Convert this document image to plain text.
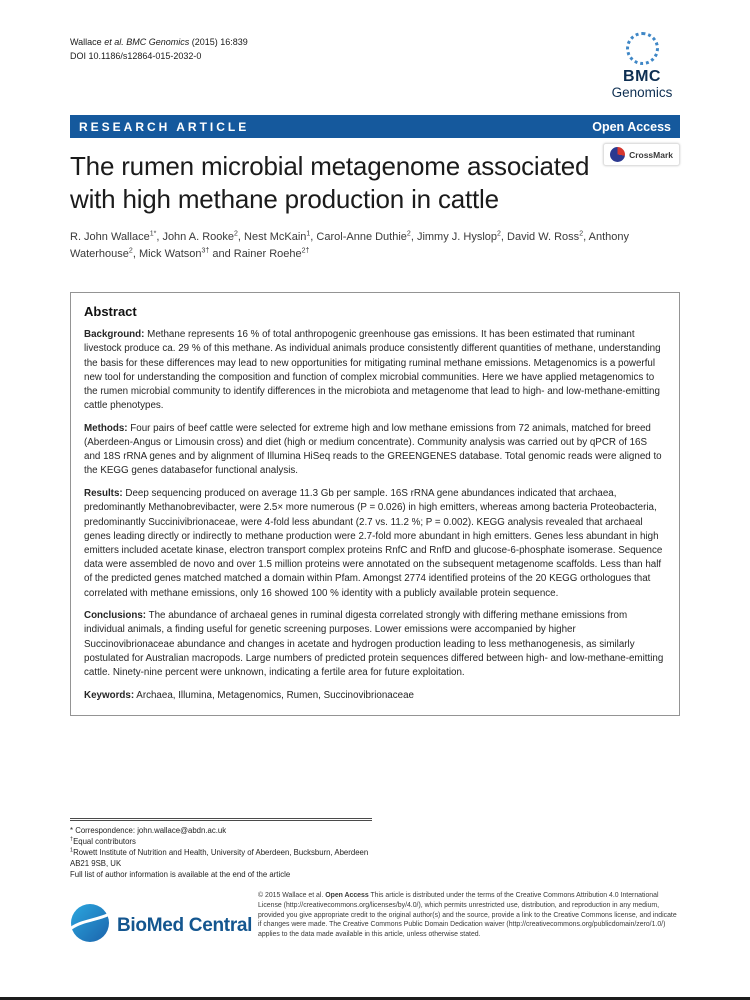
Wallace et al. BMC Genomics (2015) 16:839
DOI 10.1186/s12864-015-2032-0
BMC
Genomics
RESEARCH ARTICLE	Open Access
The rumen microbial metagenome associated with high methane production in cattle
CrossMark

R. John Wallace$^{1*}$, John A. Rooke$^2$, Nest McKain$^1$, Carol-Anne Duthie$^2$, Jimmy J. Hyslop$^2$, David W. Ross$^2$, Anthony Waterhouse$^2$, Mick Watson$^{3\dagger}$ and Rainer Roehe$^{2\dagger}$

Abstract

Background: Methane represents 16 % of total anthropogenic greenhouse gas emissions. It has been estimated that ruminant livestock produce ca. 29 % of this methane. As individual animals produce consistently different quantities of methane, understanding the basis for these differences may lead to new opportunities for mitigating ruminal methane emissions. Metagenomics is a powerful new tool for understanding the composition and function of complex microbial communities. Here we have applied metagenomics to the rumen microbial community to identify differences in the microbiota and metagenome that lead to high- and low-methane-emitting cattle phenotypes.

Methods: Four pairs of beef cattle were selected for extreme high and low methane emissions from 72 animals, matched for breed (Aberdeen-Angus or Limousin cross) and diet (high or medium concentrate). Community analysis was carried out by qPCR of 16S and 18S rRNA genes and by alignment of Illumina HiSeq reads to the GREENGENES database. Total genomic reads were aligned to the KEGG genes databasefor functional analysis.

Results: Deep sequencing produced on average 11.3 Gb per sample. 16S rRNA gene abundances indicated that archaea, predominantly Methanobrevibacter, were 2.5× more numerous (P = 0.026) in high emitters, whereas among bacteria Proteobacteria, predominantly Succinivibrionaceae, were 4-fold less abundant (2.7 vs. 11.2 %; P = 0.002). KEGG analysis revealed that archaeal genes leading directly or indirectly to methane production were 2.7-fold more abundant in high emitters. Genes less abundant in high emitters included acetate kinase, electron transport complex proteins RnfC and RnfD and glucose-6-phosphate isomerase. Sequence data were assembled de novo and over 1.5 million proteins were annotated on the subsequent metagenome scaffolds. Less than half of the predicted genes matched matched a domain within Pfam. Amongst 2774 identified proteins of the 20 KEGG orthologues that correlated with methane emissions, only 16 showed 100 % identity with a publicly available protein sequence.

Conclusions: The abundance of archaeal genes in ruminal digesta correlated strongly with differing methane emissions from individual animals, a finding useful for genetic screening purposes. Lower emissions were accompanied by higher Succinovibrionaceae abundance and changes in acetate and hydrogen production leading to less methanogenesis, as similarly postulated for Australian macropods. Large numbers of predicted protein sequences differed between high- and low-methane-emitting cattle. Ninety-nine percent were unknown, indicating a fertile area for future exploitation.

Keywords: Archaea, Illumina, Metagenomics, Rumen, Succinovibrionaceae

* Correspondence: john.wallace@abdn.ac.uk

†Equal contributors

$^1$Rowett Institute of Nutrition and Health, University of Aberdeen, Bucksburn, Aberdeen AB21 9SB, UK

Full list of author information is available at the end of the article

BioMed Central

© 2015 Wallace et al. Open Access This article is distributed under the terms of the Creative Commons Attribution 4.0 International License (http://creativecommons.org/licenses/by/4.0/), which permits unrestricted use, distribution, and reproduction in any medium, provided you give appropriate credit to the original author(s) and the source, provide a link to the Creative Commons license, and indicate if changes were made. The Creative Commons Public Domain Dedication waiver (http://creativecommons.org/publicdomain/zero/1.0/) applies to the data made available in this article, unless otherwise stated.
